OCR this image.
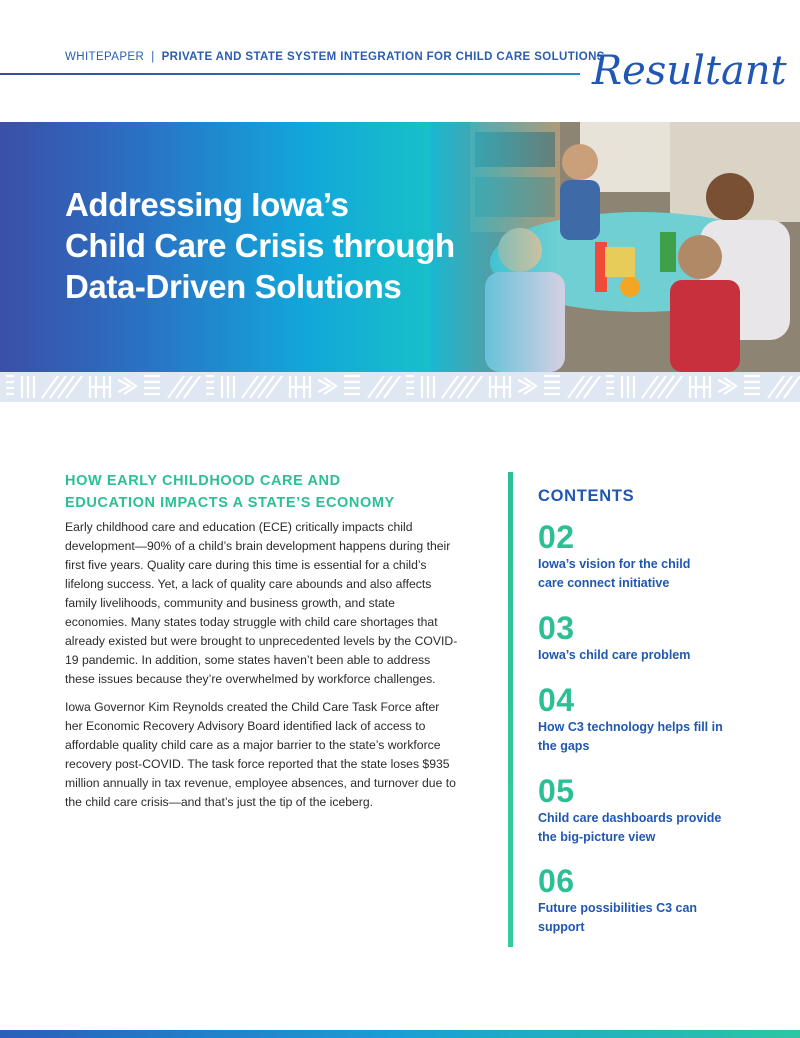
WHITEPAPER | PRIVATE AND STATE SYSTEM INTEGRATION FOR CHILD CARE SOLUTIONS
Resultant
Addressing Iowa’s
Child Care Crisis through
Data-Driven Solutions
HOW EARLY CHILDHOOD CARE AND
EDUCATION IMPACTS A STATE’S ECONOMY

Early childhood care and education (ECE) critically impacts child development—90% of a child’s brain development happens during their first five years. Quality care during this time is essential for a child’s lifelong success. Yet, a lack of quality care abounds and also affects family livelihoods, community and business growth, and state economies. Many states today struggle with child care shortages that already existed but were brought to unprecedented levels by the COVID-19 pandemic. In addition, some states haven’t been able to address these issues because they’re overwhelmed by workforce challenges.

Iowa Governor Kim Reynolds created the Child Care Task Force after her Economic Recovery Advisory Board identified lack of access to affordable quality child care as a major barrier to the state’s workforce recovery post-COVID. The task force reported that the state loses $935 million annually in tax revenue, employee absences, and turnover due to the child care crisis—and that’s just the tip of the iceberg.

CONTENTS
02
Iowa’s vision for the child care connect initiative
03
Iowa’s child care problem
04
How C3 technology helps fill in the gaps
05
Child care dashboards provide the big-picture view
06
Future possibilities C3 can support
